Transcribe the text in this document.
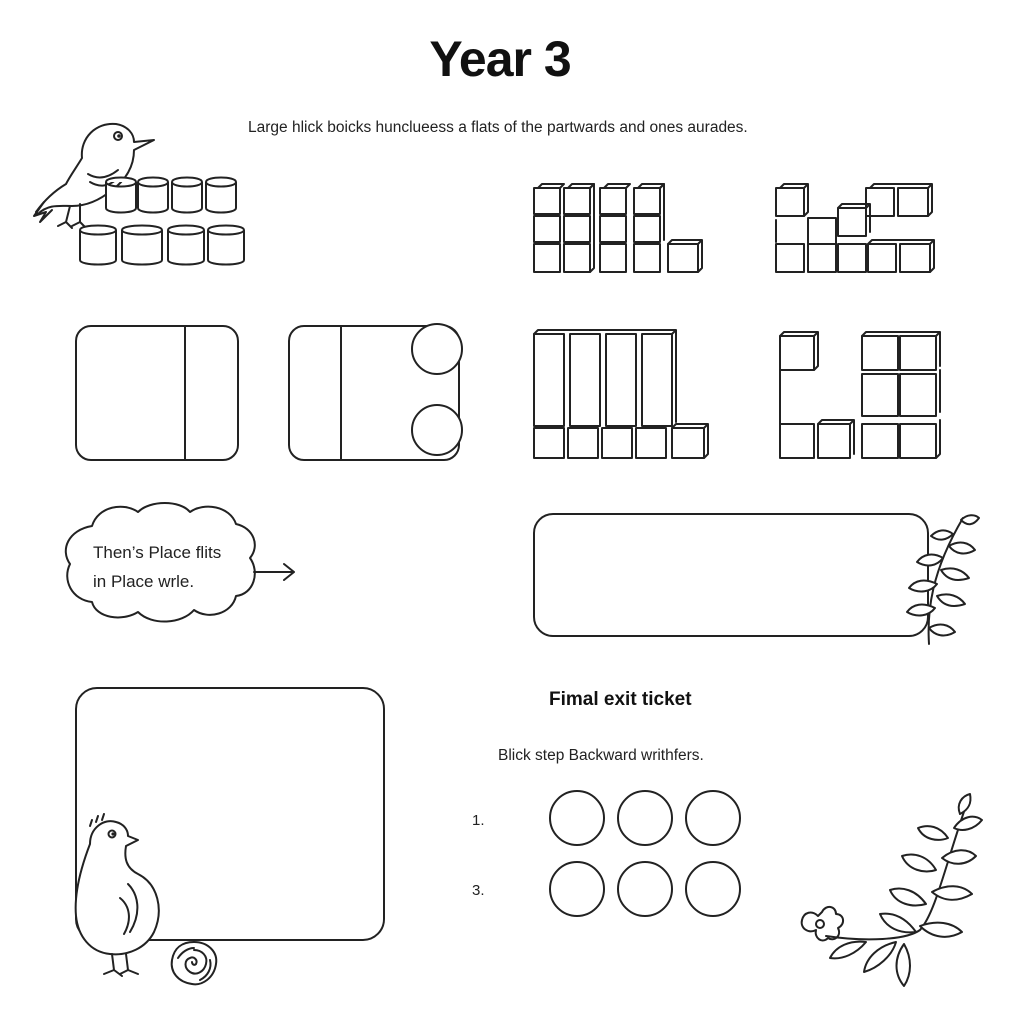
Year 3
Large hlick boicks hunclueess a flats of the partwards and ones aurades.
Then’s Place flits
in Place wrle.
Fimal exit ticket
Blick step Backward writhfers.
1.
3.
